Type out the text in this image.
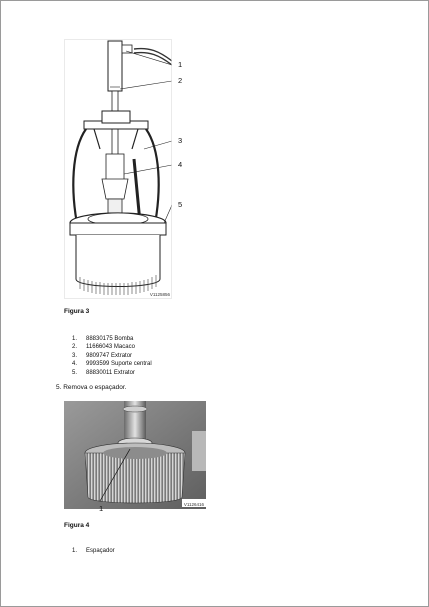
V1125856
1
2
3
4
5
Figura 3
1.	88830175 Bomba
2.	11666043 Macaco
3.	9809747 Extrator
4.	9993599 Suporte central
5.	88830011 Extrator
5. Remova o espaçador.
V1126416
1
Figura 4
1.	Espaçador
